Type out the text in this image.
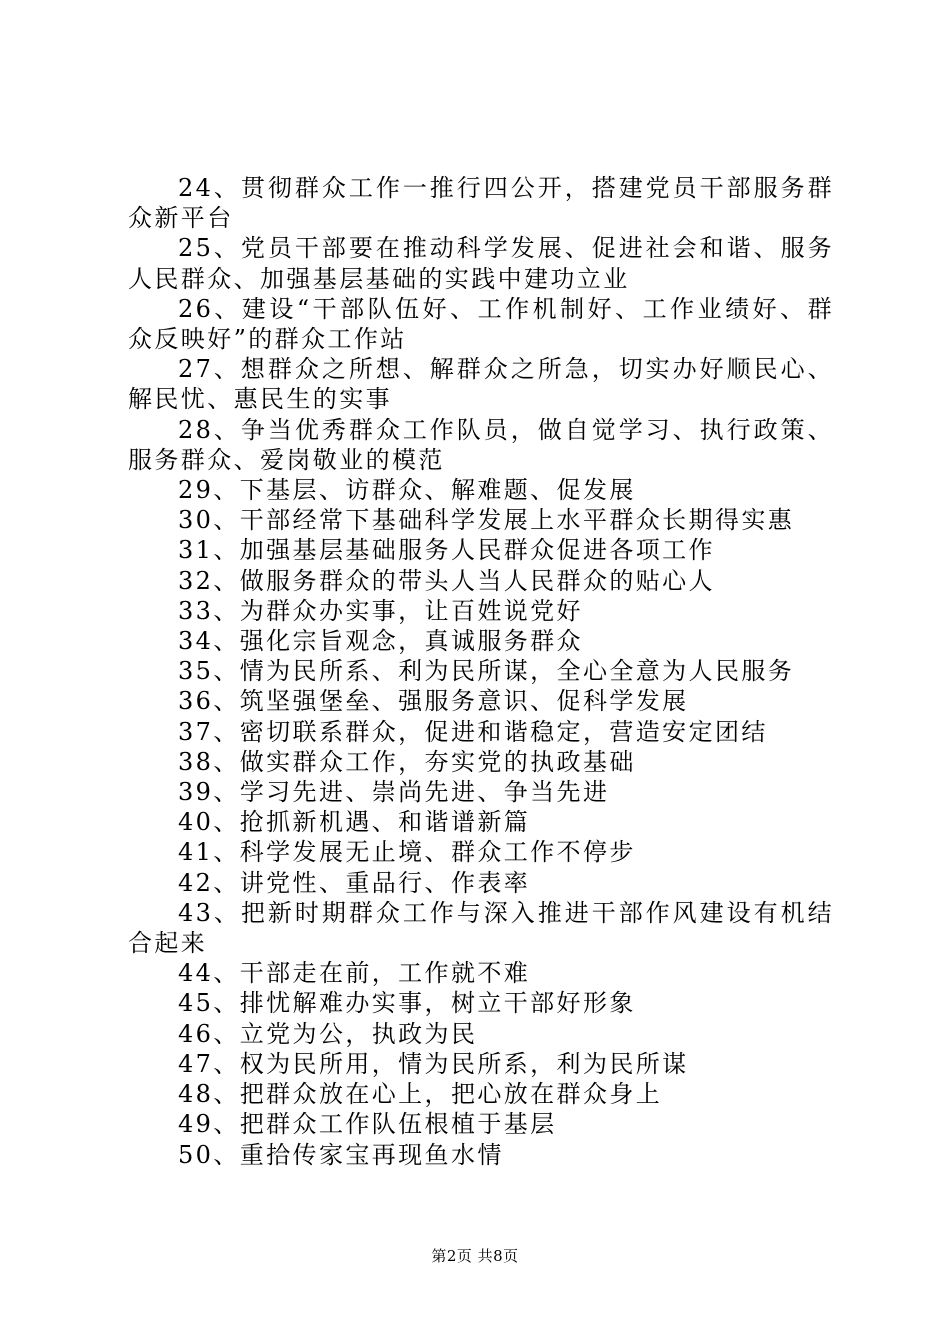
24、贯彻群众工作一推行四公开，搭建党员干部服务群众新平台

25、党员干部要在推动科学发展、促进社会和谐、服务人民群众、加强基层基础的实践中建功立业

26、建设“干部队伍好、工作机制好、工作业绩好、群众反映好”的群众工作站

27、想群众之所想、解群众之所急，切实办好顺民心、解民忧、惠民生的实事

28、争当优秀群众工作队员，做自觉学习、执行政策、服务群众、爱岗敬业的模范

29、下基层、访群众、解难题、促发展

30、干部经常下基础科学发展上水平群众长期得实惠

31、加强基层基础服务人民群众促进各项工作

32、做服务群众的带头人当人民群众的贴心人

33、为群众办实事，让百姓说党好

34、强化宗旨观念，真诚服务群众

35、情为民所系、利为民所谋，全心全意为人民服务

36、筑坚强堡垒、强服务意识、促科学发展

37、密切联系群众，促进和谐稳定，营造安定团结

38、做实群众工作，夯实党的执政基础

39、学习先进、崇尚先进、争当先进

40、抢抓新机遇、和谐谱新篇

41、科学发展无止境、群众工作不停步

42、讲党性、重品行、作表率

43、把新时期群众工作与深入推进干部作风建设有机结合起来

44、干部走在前，工作就不难

45、排忧解难办实事，树立干部好形象

46、立党为公，执政为民

47、权为民所用，情为民所系，利为民所谋

48、把群众放在心上，把心放在群众身上

49、把群众工作队伍根植于基层

50、重拾传家宝再现鱼水情

第2页 共8页
